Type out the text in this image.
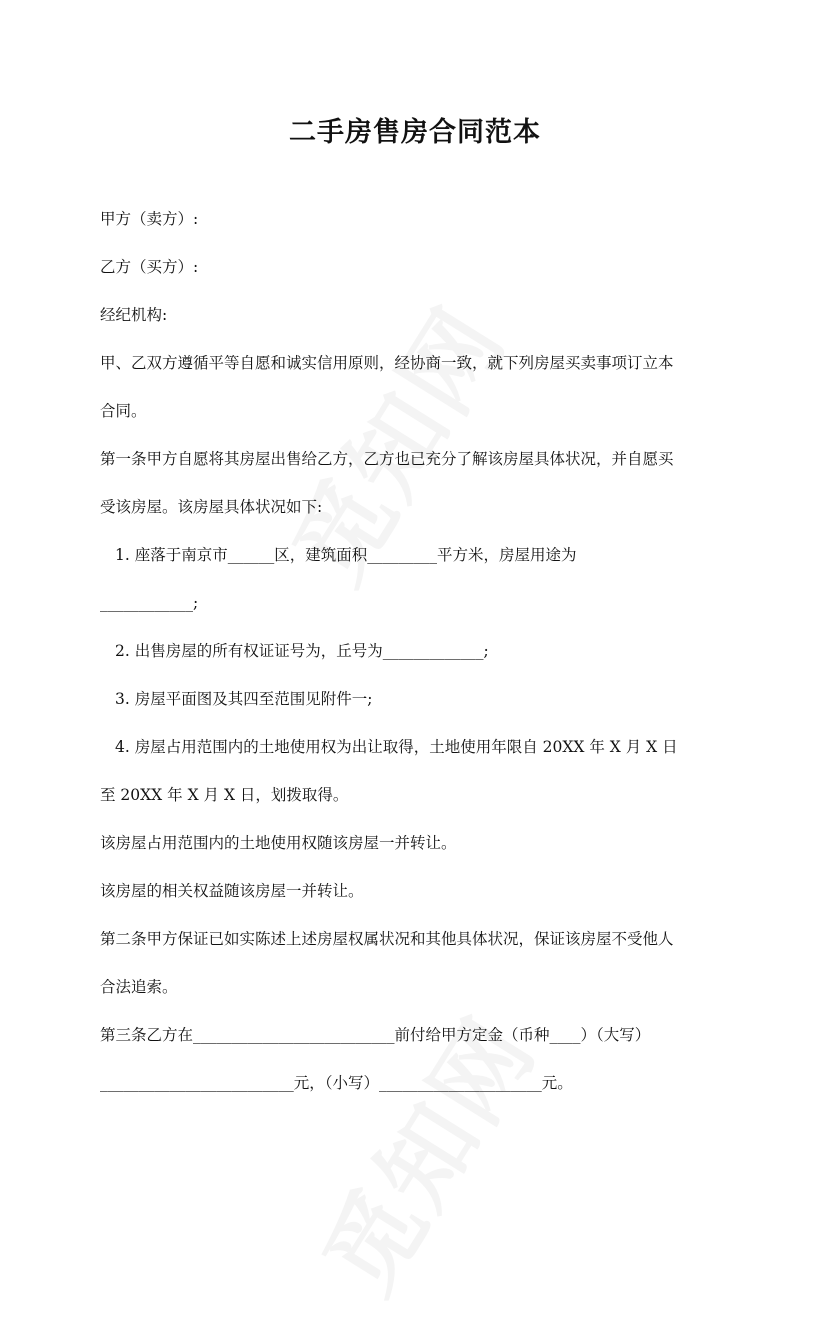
二手房售房合同范本
甲方（卖方）:
乙方（买方）:
经纪机构:
甲、乙双方遵循平等自愿和诚实信用原则，经协商一致，就下列房屋买卖事项订立本
合同。
第一条甲方自愿将其房屋出售给乙方，乙方也已充分了解该房屋具体状况，并自愿买
受该房屋。该房屋具体状况如下:
1. 座落于南京市______区，建筑面积_________平方米，房屋用途为
____________;
2. 出售房屋的所有权证证号为，丘号为_____________;
3. 房屋平面图及其四至范围见附件一;
4. 房屋占用范围内的土地使用权为出让取得，土地使用年限自 20XX 年 X 月 X 日
至 20XX 年 X 月 X 日，划拨取得。
该房屋占用范围内的土地使用权随该房屋一并转让。
该房屋的相关权益随该房屋一并转让。
第二条甲方保证已如实陈述上述房屋权属状况和其他具体状况，保证该房屋不受他人
合法追索。
第三条乙方在__________________________前付给甲方定金（币种____）（大写）
_________________________元，（小写）_____________________元。
